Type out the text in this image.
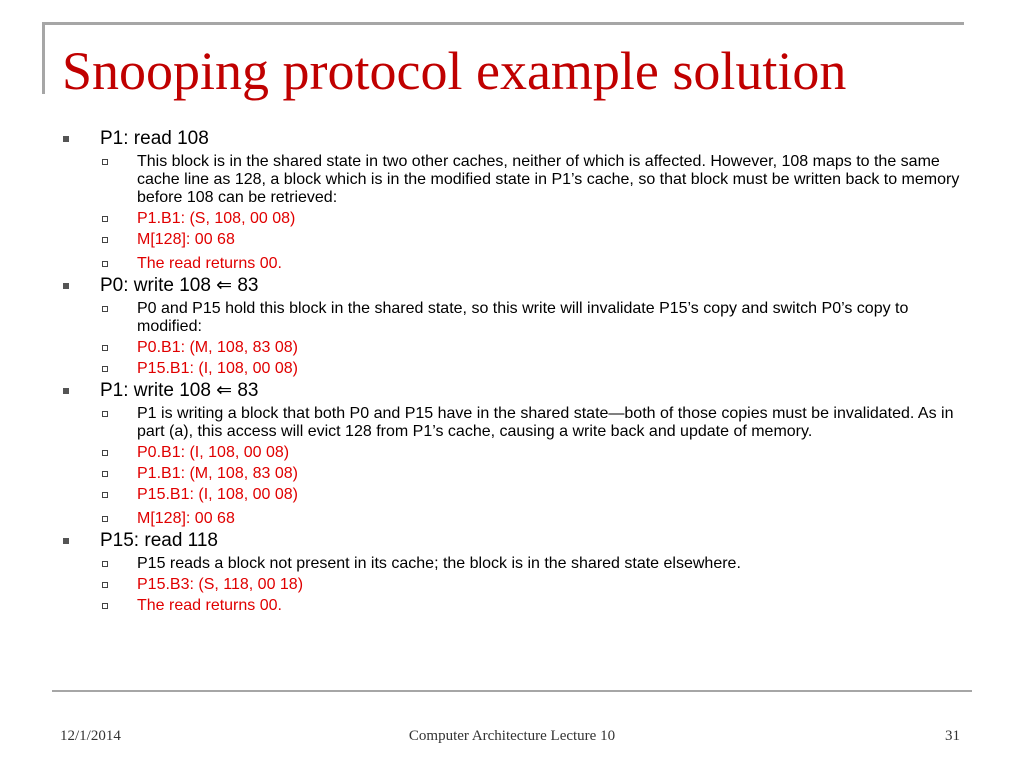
Snooping protocol example solution
P1: read 108
This block is in the shared state in two other caches, neither of which is affected. However, 108 maps to the same cache line as 128, a block which is in the modified state in P1’s cache, so that block must be written back to memory before 108 can be retrieved:
P1.B1: (S, 108, 00 08)
M[128]: 00 68
The read returns 00.
P0: write 108 ⇐ 83
P0 and P15 hold this block in the shared state, so this write will invalidate P15’s copy and switch P0’s copy to modified:
P0.B1: (M, 108, 83 08)
P15.B1: (I, 108, 00 08)
P1: write 108 ⇐ 83
P1 is writing a block that both P0 and P15 have in the shared state—both of those copies must be invalidated. As in part (a), this access will evict 128 from P1’s cache, causing a write back and update of memory.
P0.B1: (I, 108, 00 08)
P1.B1: (M, 108, 83 08)
P15.B1: (I, 108, 00 08)
M[128]: 00 68
P15: read 118
P15 reads a block not present in its cache; the block is in the shared state elsewhere.
P15.B3: (S, 118, 00 18)
The read returns 00.
12/1/2014	Computer Architecture Lecture 10	31
